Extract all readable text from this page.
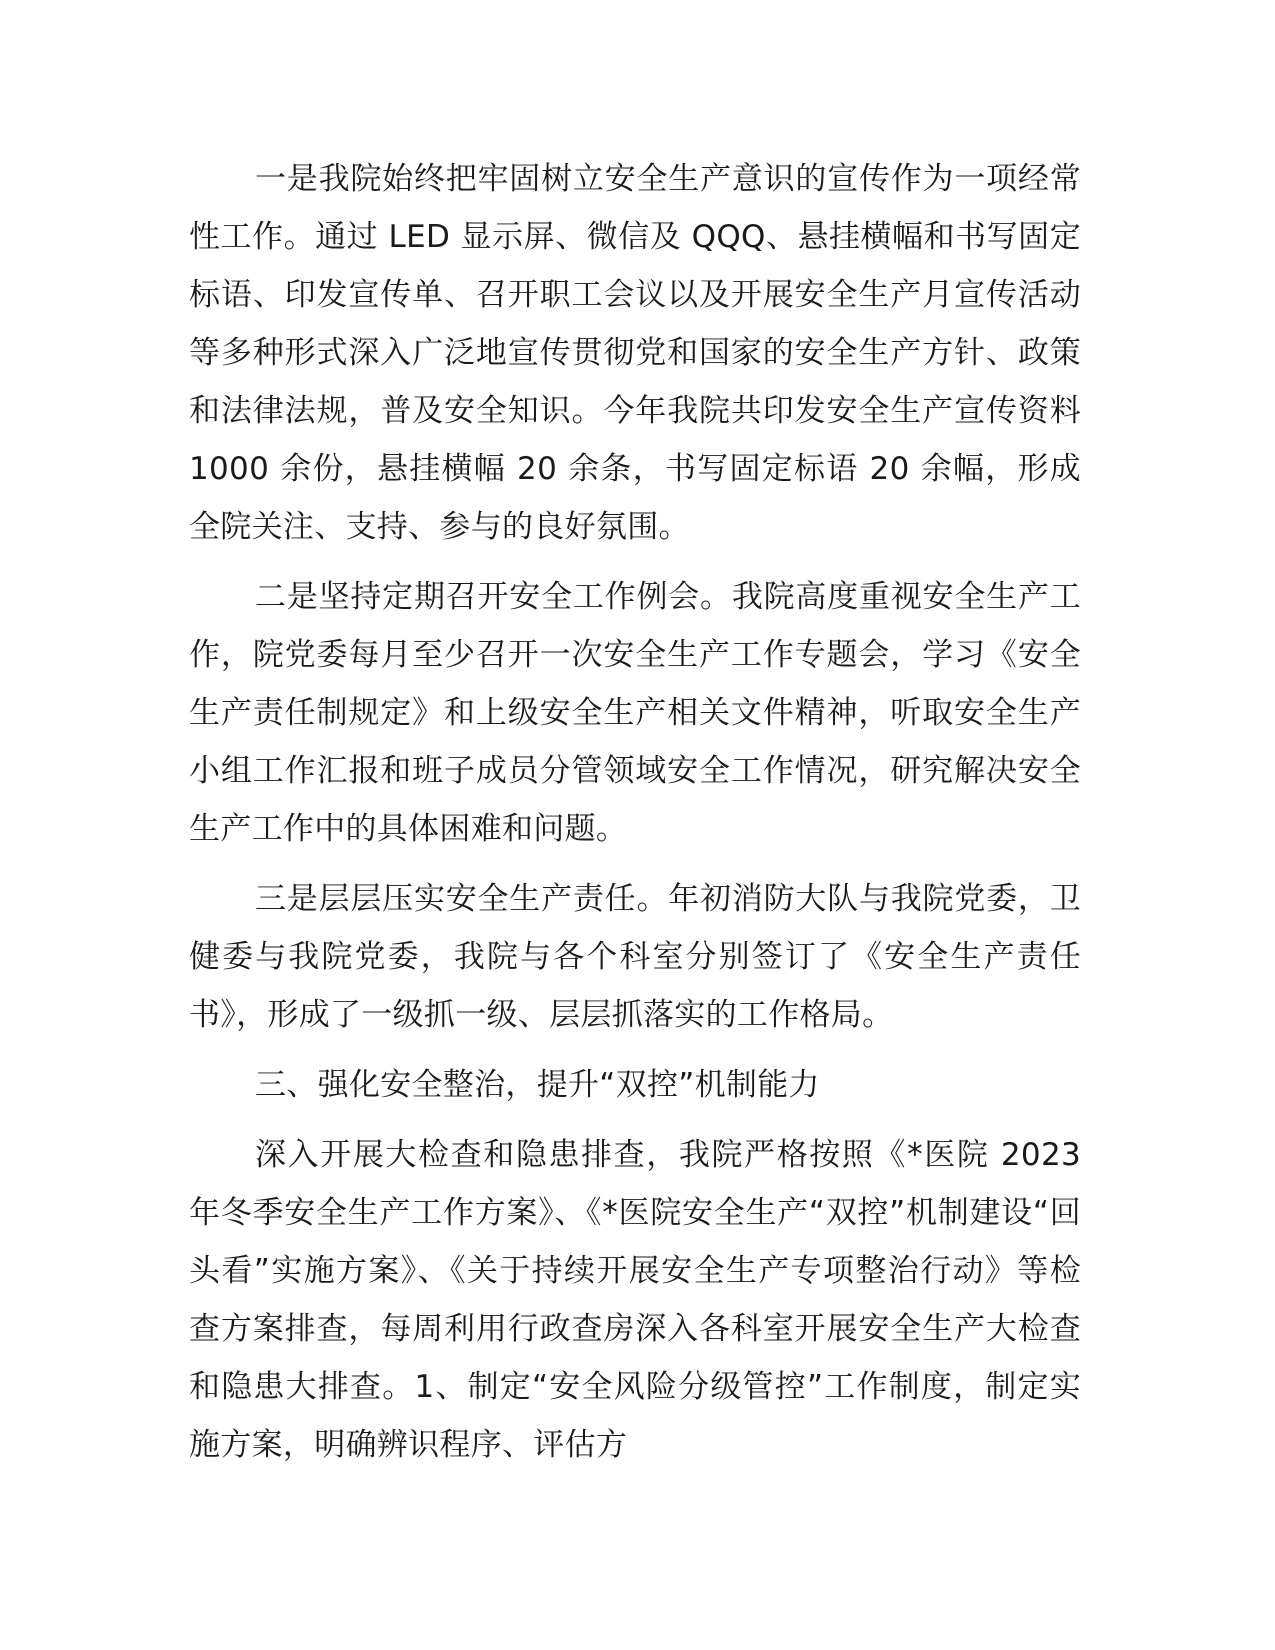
一是我院始终把牢固树立安全生产意识的宣传作为一项经常性工作。通过 LED 显示屏、微信及 QQQ、悬挂横幅和书写固定标语、印发宣传单、召开职工会议以及开展安全生产月宣传活动等多种形式深入广泛地宣传贯彻党和国家的安全生产方针、政策和法律法规，普及安全知识。今年我院共印发安全生产宣传资料 1000 余份，悬挂横幅 20 余条，书写固定标语 20 余幅，形成全院关注、支持、参与的良好氛围。

二是坚持定期召开安全工作例会。我院高度重视安全生产工作，院党委每月至少召开一次安全生产工作专题会，学习《安全生产责任制规定》和上级安全生产相关文件精神，听取安全生产小组工作汇报和班子成员分管领域安全工作情况，研究解决安全生产工作中的具体困难和问题。

三是层层压实安全生产责任。年初消防大队与我院党委，卫健委与我院党委，我院与各个科室分别签订了《安全生产责任书》，形成了一级抓一级、层层抓落实的工作格局。

三、强化安全整治，提升“双控”机制能力

深入开展大检查和隐患排查，我院严格按照《*医院 2023 年冬季安全生产工作方案》、《*医院安全生产“双控”机制建设“回头看”实施方案》、《关于持续开展安全生产专项整治行动》等检查方案排查，每周利用行政查房深入各科室开展安全生产大检查和隐患大排查。1、制定“安全风险分级管控”工作制度，制定实施方案，明确辨识程序、评估方
